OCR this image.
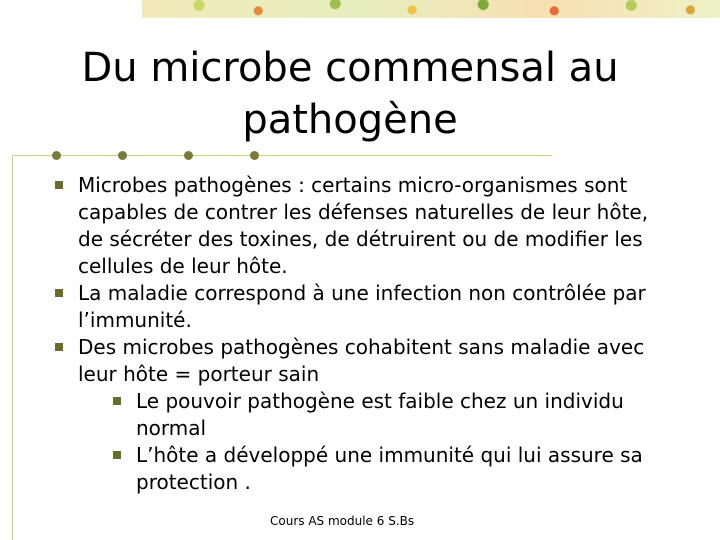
Du microbe commensal au pathogène
Microbes pathogènes : certains micro-organismes sont capables de contrer les défenses naturelles de leur hôte, de sécréter des toxines, de détruirent ou de modifier les cellules de leur hôte.
La maladie correspond à une infection non contrôlée par l’immunité.
Des microbes pathogènes cohabitent sans maladie avec leur hôte = porteur sain
Le pouvoir pathogène est faible chez un individu normal
L’hôte a développé une immunité qui lui assure sa protection .
Cours AS module 6 S.Bs
